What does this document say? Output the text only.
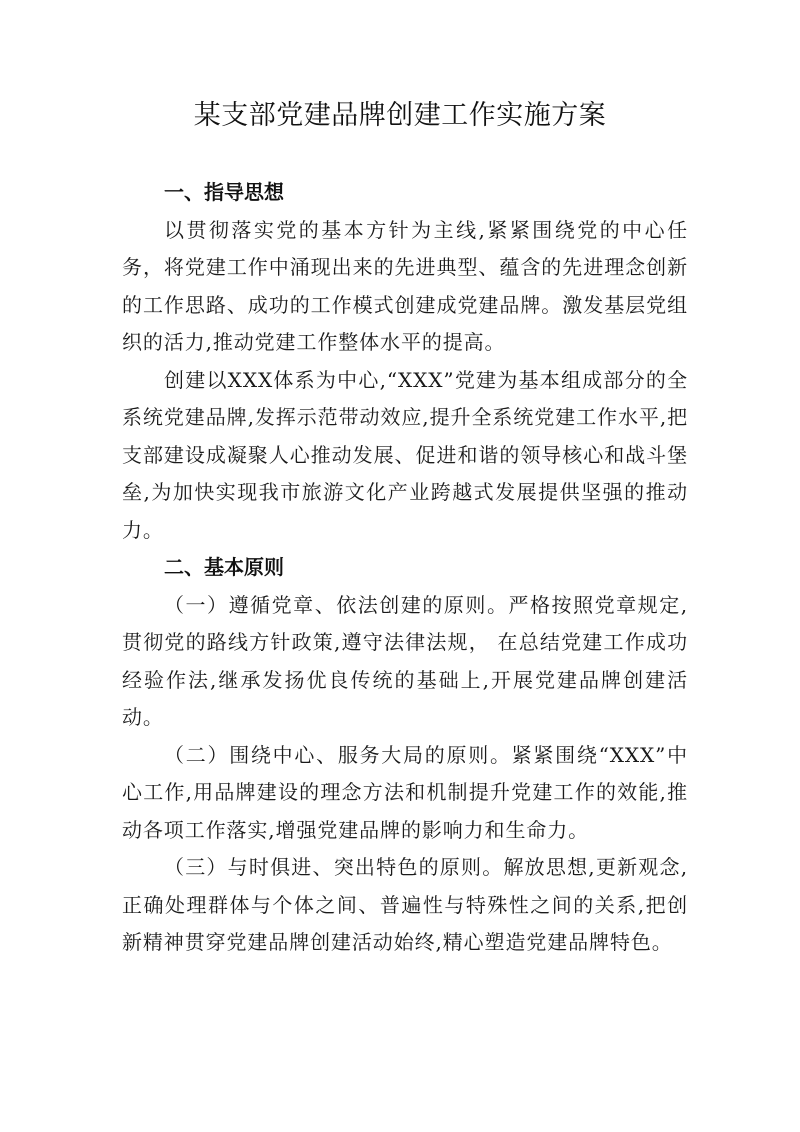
某支部党建品牌创建工作实施方案
一、指导思想

以贯彻落实党的基本方针为主线,紧紧围绕党的中心任务，将党建工作中涌现出来的先进典型、蕴含的先进理念创新的工作思路、成功的工作模式创建成党建品牌。激发基层党组织的活力,推动党建工作整体水平的提高。

创建以XXX体系为中心,“XXX”党建为基本组成部分的全系统党建品牌,发挥示范带动效应,提升全系统党建工作水平,把支部建设成凝聚人心推动发展、促进和谐的领导核心和战斗堡垒,为加快实现我市旅游文化产业跨越式发展提供坚强的推动力。

二、基本原则

（一）遵循党章、依法创建的原则。严格按照党章规定,贯彻党的路线方针政策,遵守法律法规， 在总结党建工作成功经验作法,继承发扬优良传统的基础上,开展党建品牌创建活动。

（二）围绕中心、服务大局的原则。紧紧围绕“XXX”中心工作,用品牌建设的理念方法和机制提升党建工作的效能,推动各项工作落实,增强党建品牌的影响力和生命力。

（三）与时俱进、突出特色的原则。解放思想,更新观念,正确处理群体与个体之间、普遍性与特殊性之间的关系,把创新精神贯穿党建品牌创建活动始终,精心塑造党建品牌特色。
